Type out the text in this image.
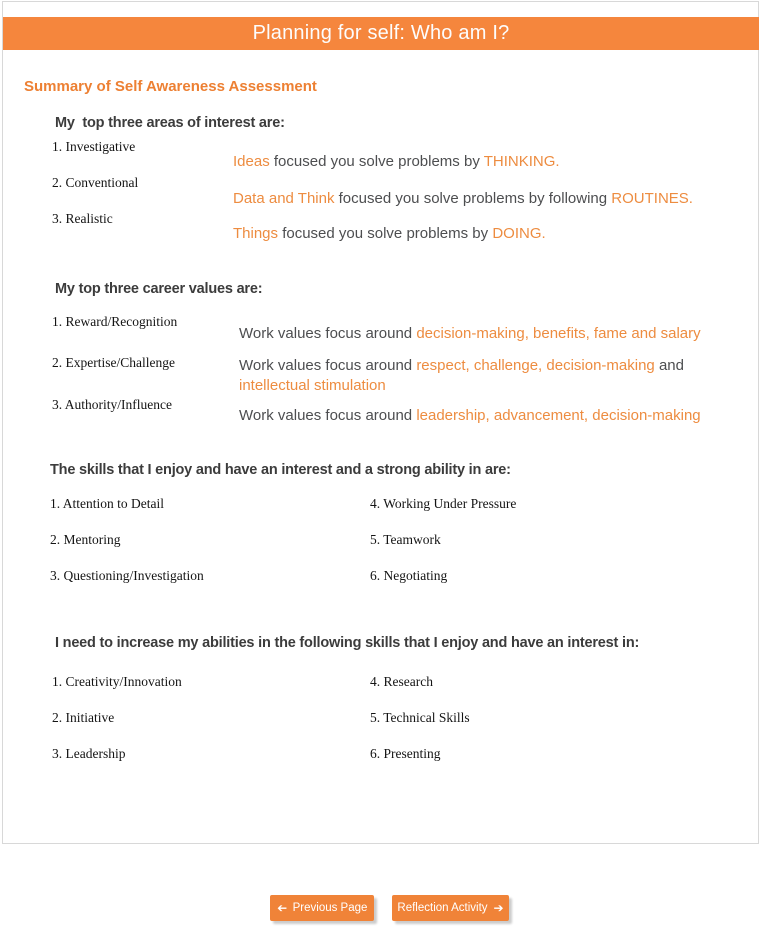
Planning for self: Who am I?
Summary of Self Awareness Assessment
My  top three areas of interest are:
1. Investigative
Ideas focused you solve problems by THINKING.
2. Conventional
Data and Think focused you solve problems by following ROUTINES.
3. Realistic
Things focused you solve problems by DOING.
My top three career values are:
1. Reward/Recognition
Work values focus around decision-making, benefits, fame and salary
2. Expertise/Challenge	Work values focus around respect, challenge, decision-making and
intellectual stimulation
3. Authority/Influence
Work values focus around leadership, advancement, decision-making
The skills that I enjoy and have an interest and a strong ability in are:
1. Attention to Detail
2. Mentoring
3. Questioning/Investigation
4. Working Under Pressure
5. Teamwork
6. Negotiating
I need to increase my abilities in the following skills that I enjoy and have an interest in:
1. Creativity/Innovation
2. Initiative
3. Leadership
4. Research
5. Technical Skills
6. Presenting
➔ Previous Page	Reflection Activity ➔
